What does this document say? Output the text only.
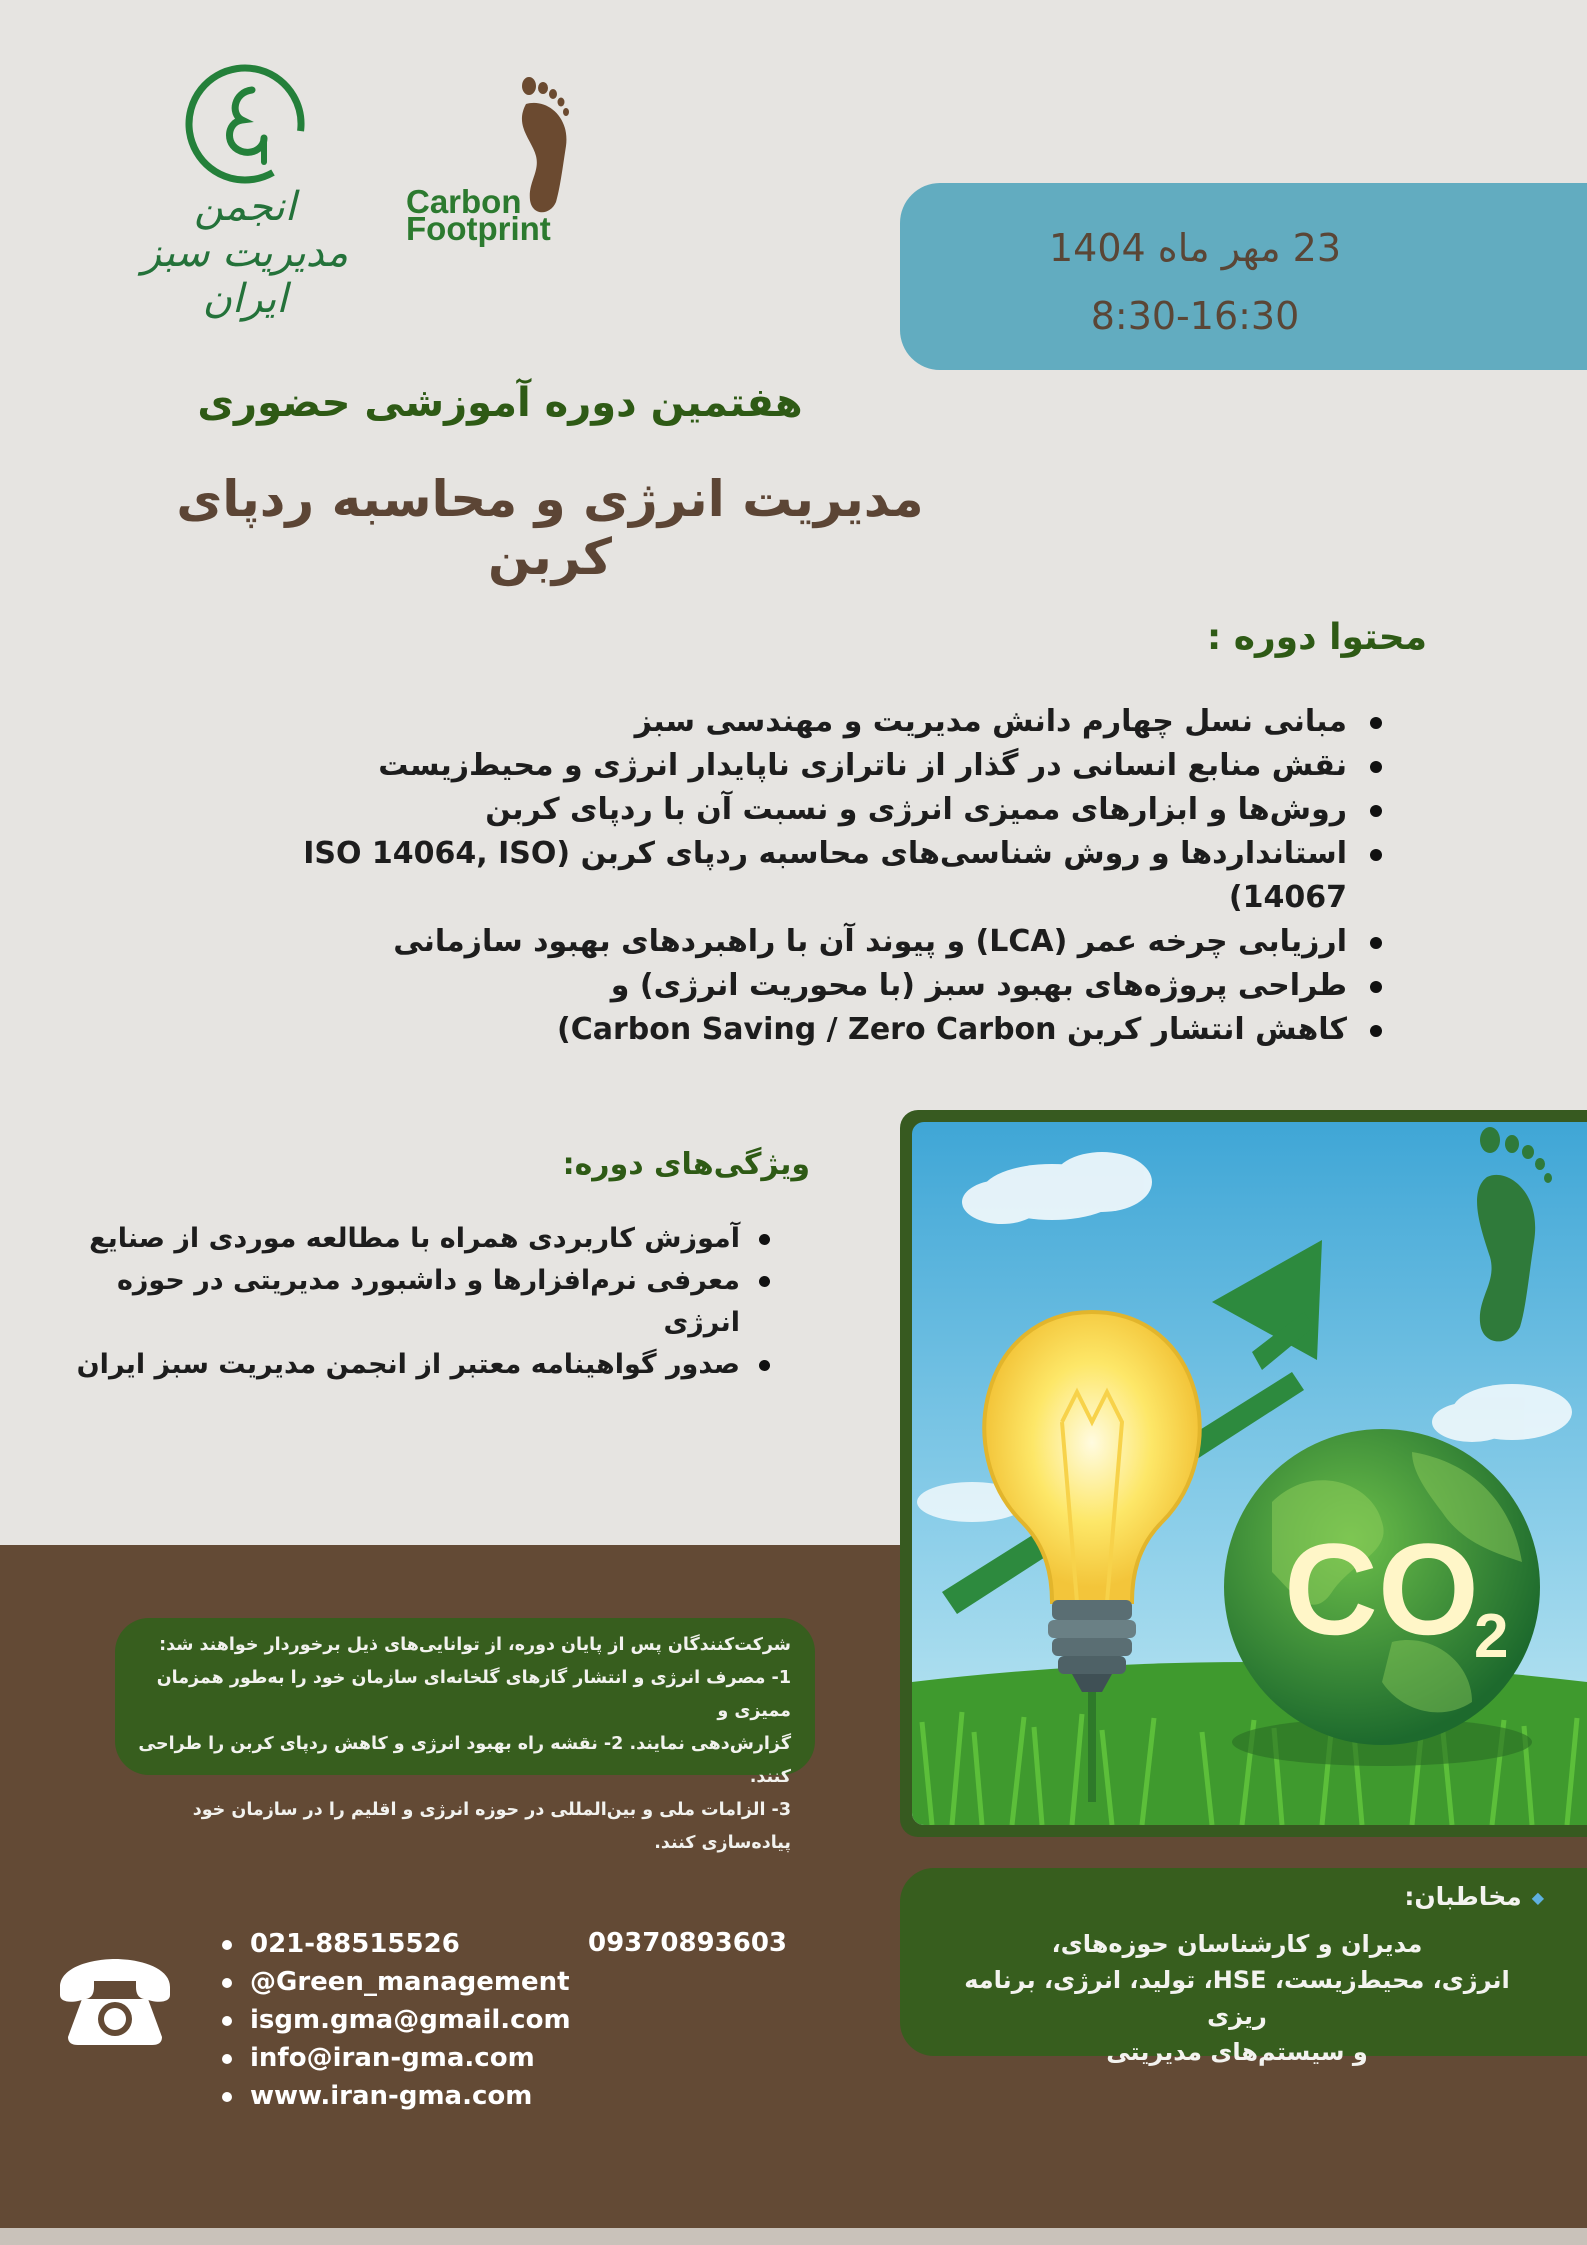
انجمن مدیریت سبز ایران
Carbon
Footprint	23 مهر ماه 1404
8:30-16:30
هفتمین دوره آموزشی حضوری
مدیریت انرژی و محاسبه ردپای کربن
محتوا دوره :
مبانی نسل چهارم دانش مدیریت و مهندسی سبز
نقش منابع انسانی در گذار از ناترازی ناپایدار انرژی و محیط‌زیست
روش‌ها و ابزارهای ممیزی انرژی و نسبت آن با ردپای کربن
استانداردها و روش شناسی‌های محاسبه ردپای کربن (ISO 14064, ISO 14067)
ارزیابی چرخه عمر (LCA) و پیوند آن با راهبردهای بهبود سازمانی
طراحی پروژه‌های بهبود سبز (با محوریت انرژی) و
کاهش انتشار کربن Carbon Saving / Zero Carbon)
ویژگی‌های دوره:
آموزش کاربردی همراه با مطالعه موردی از صنایع
معرفی نرم‌افزارها و داشبورد مدیریتی در حوزه انرژی
صدور گواهینامه معتبر از انجمن مدیریت سبز ایران
شرکت‌کنندگان پس از پایان دوره، از توانایی‌های ذیل برخوردار خواهند شد:
1- مصرف انرژی و انتشار گازهای گلخانه‌ای سازمان خود را به‌طور همزمان ممیزی و
گزارش‌دهی نمایند. 2- نقشه راه بهبود انرژی و کاهش ردپای کربن را طراحی کنند.
3- الزامات ملی و بین‌المللی در حوزه انرژی و اقلیم را در سازمان خود پیاده‌سازی کنند.
CO
2
◆ مخاطبان:
مدیران و کارشناسان حوزه‌های،
انرژی، محیط‌زیست، HSE، تولید، انرژی، برنامه ریزی
و سیستم‌های مدیریتی
021-88515526
@Green_management
isgm.gma@gmail.com
info@iran-gma.com
www.iran-gma.com
09370893603
